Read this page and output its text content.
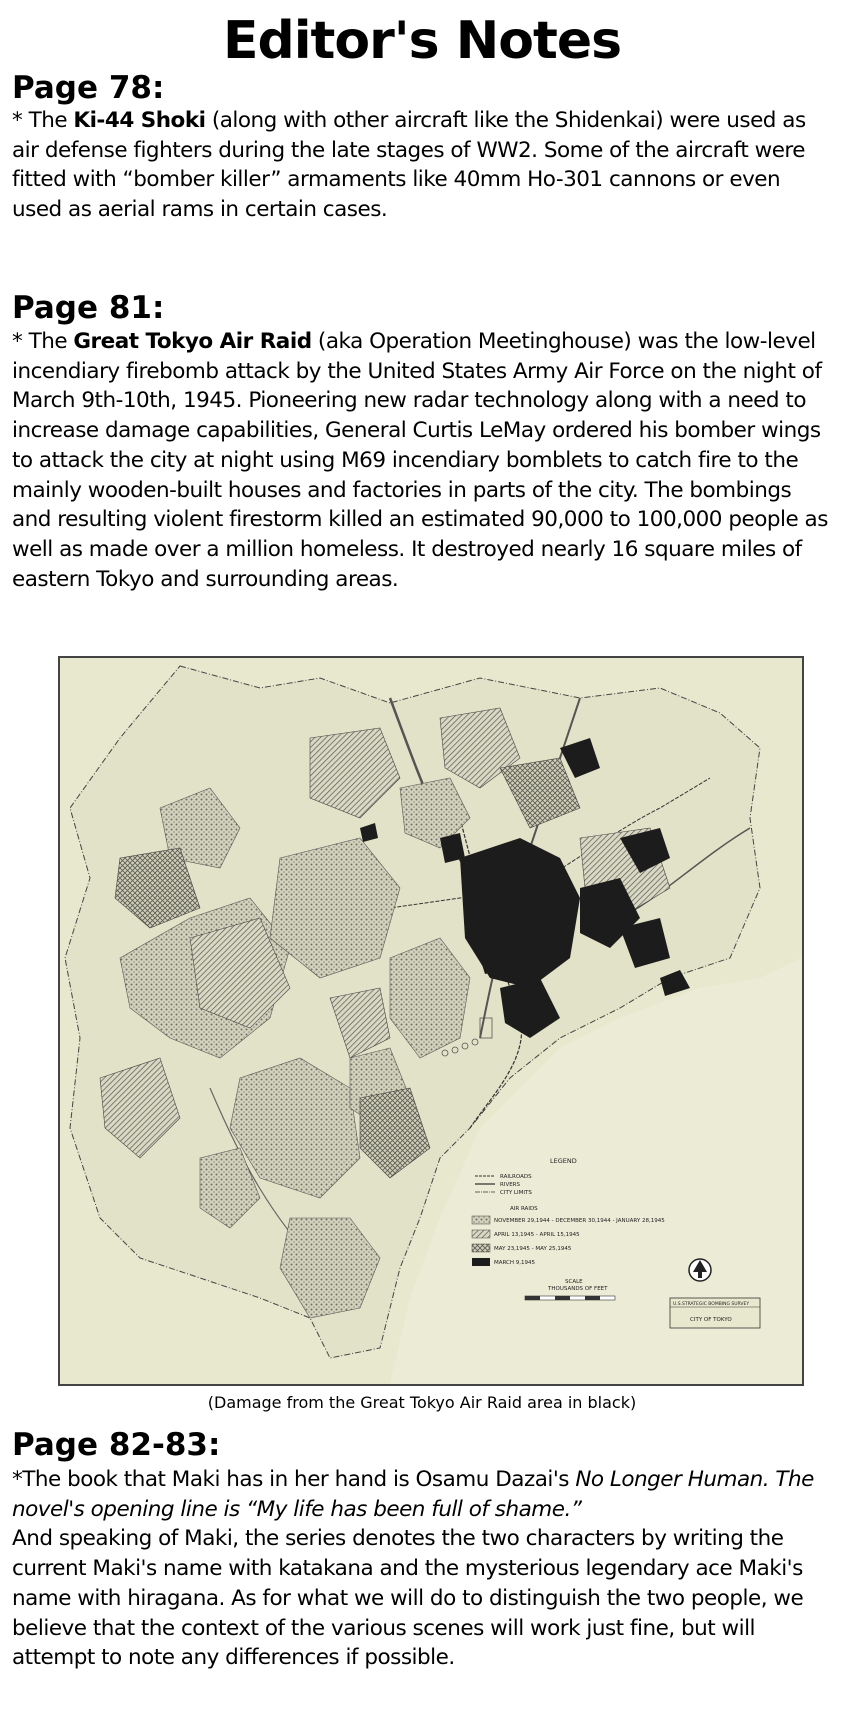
Editor's Notes
Page 78:
* The Ki-44 Shoki (along with other aircraft like the Shidenkai) were used as air defense fighters during the late stages of WW2. Some of the aircraft were fitted with “bomber killer” armaments like 40mm Ho-301 cannons or even used as aerial rams in certain cases.
Page 81:
* The Great Tokyo Air Raid (aka Operation Meetinghouse) was the low-level incendiary firebomb attack by the United States Army Air Force on the night of March 9th-10th, 1945. Pioneering new radar technology along with a need to increase damage capabilities, General Curtis LeMay ordered his bomber wings to attack the city at night using M69 incendiary bomblets to catch fire to the mainly wooden-built houses and factories in parts of the city. The bombings and resulting violent firestorm killed an estimated 90,000 to 100,000 people as well as made over a million homeless. It destroyed nearly 16 square miles of eastern Tokyo and surrounding areas.
LEGEND
RAILROADS
RIVERS
CITY LIMITS
AIR RAIDS
NOVEMBER 29,1944 - DECEMBER 30,1944 - JANUARY 28,1945
APRIL 13,1945 - APRIL 15,1945
MAY 23,1945 - MAY 25,1945
MARCH 9,1945
SCALE
THOUSANDS OF FEET
U.S.STRATEGIC BOMBING SURVEY
CITY OF TOKYO
(Damage from the Great Tokyo Air Raid area in black)
Page 82-83:
*The book that Maki has in her hand is Osamu Dazai's No Longer Human. The novel's opening line is “My life has been full of shame.”
And speaking of Maki, the series denotes the two characters by writing the current Maki's name with katakana and the mysterious legendary ace Maki's name with hiragana. As for what we will do to distinguish the two people, we believe that the context of the various scenes will work just fine, but will attempt to note any differences if possible.
